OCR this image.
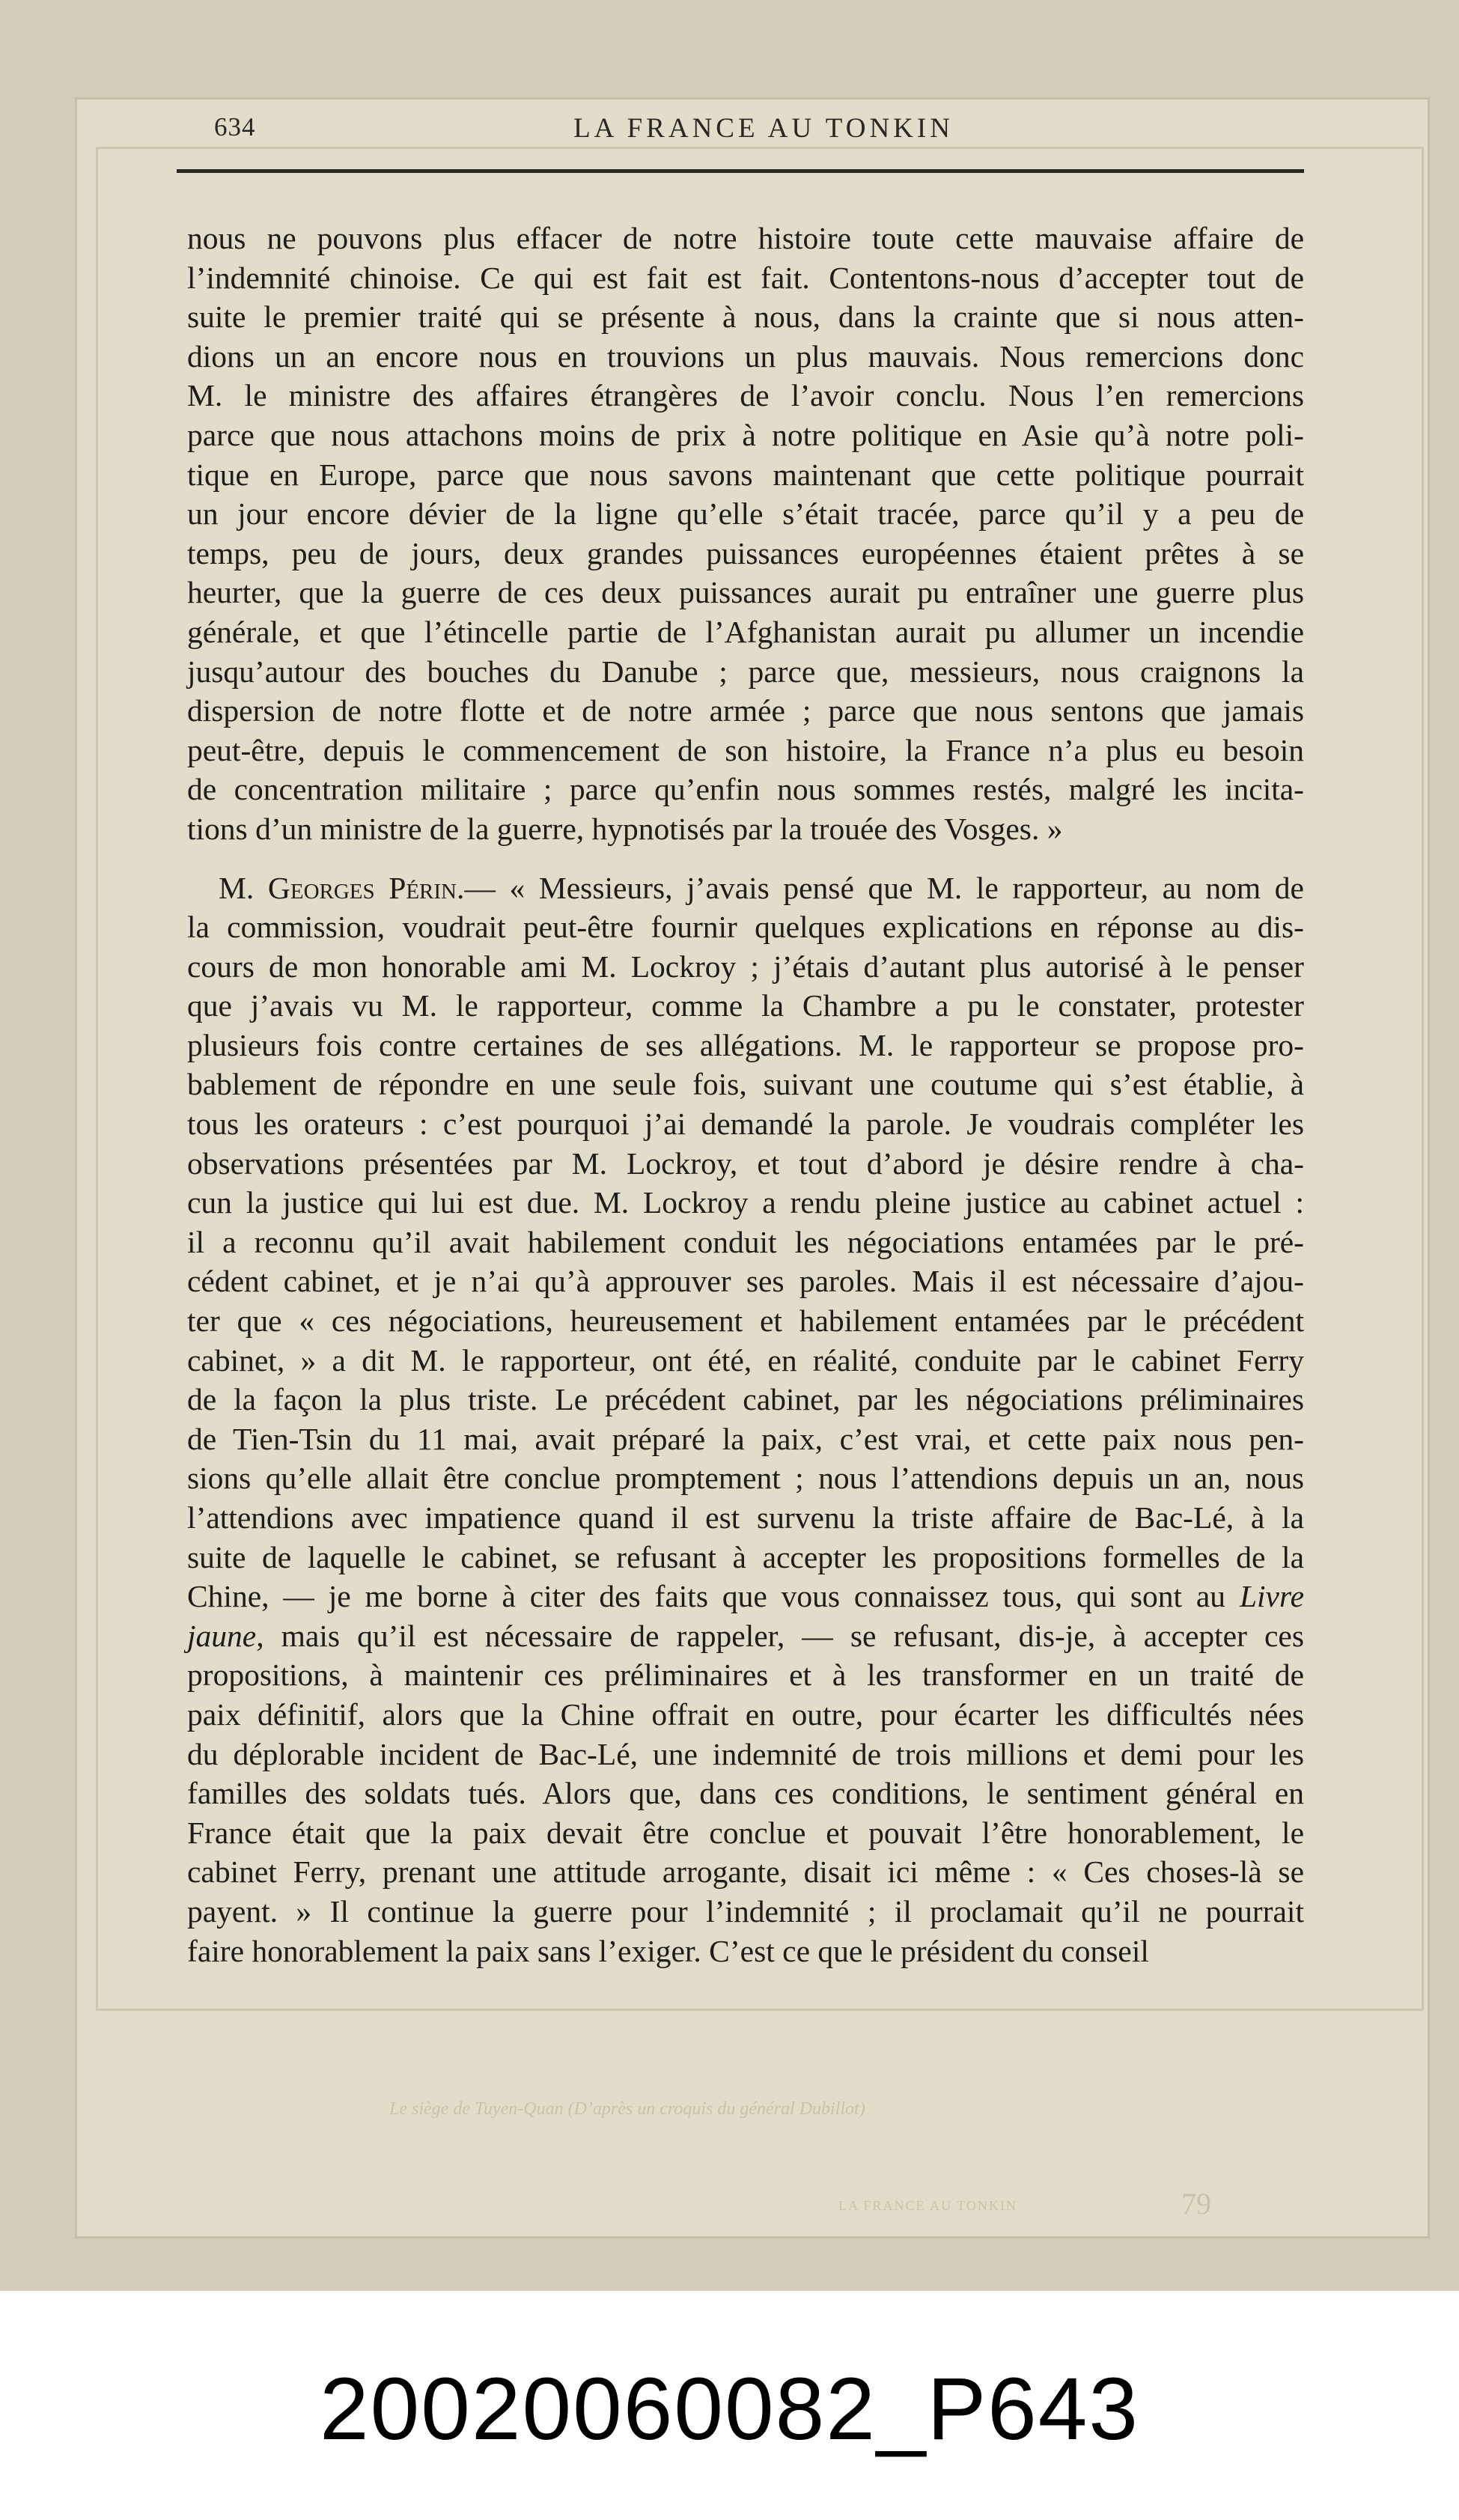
634	LA FRANCE AU TONKIN
nous ne pouvons plus effacer de notre histoire toute cette mauvaise affaire de
l’indemnité chinoise. Ce qui est fait est fait. Contentons-nous d’accepter tout de
suite le premier traité qui se présente à nous, dans la crainte que si nous atten-
dions un an encore nous en trouvions un plus mauvais. Nous remercions donc
M. le ministre des affaires étrangères de l’avoir conclu. Nous l’en remercions
parce que nous attachons moins de prix à notre politique en Asie qu’à notre poli-
tique en Europe, parce que nous savons maintenant que cette politique pourrait
un jour encore dévier de la ligne qu’elle s’était tracée, parce qu’il y a peu de
temps, peu de jours, deux grandes puissances européennes étaient prêtes à se
heurter, que la guerre de ces deux puissances aurait pu entraîner une guerre plus
générale, et que l’étincelle partie de l’Afghanistan aurait pu allumer un incendie
jusqu’autour des bouches du Danube ; parce que, messieurs, nous craignons la
dispersion de notre flotte et de notre armée ; parce que nous sentons que jamais
peut-être, depuis le commencement de son histoire, la France n’a plus eu besoin
de concentration militaire ; parce qu’enfin nous sommes restés, malgré les incita-
tions d’un ministre de la guerre, hypnotisés par la trouée des Vosges. »
M. Georges Périn.— « Messieurs, j’avais pensé que M. le rapporteur, au nom de
la commission, voudrait peut-être fournir quelques explications en réponse au dis-
cours de mon honorable ami M. Lockroy ; j’étais d’autant plus autorisé à le penser
que j’avais vu M. le rapporteur, comme la Chambre a pu le constater, protester
plusieurs fois contre certaines de ses allégations. M. le rapporteur se propose pro-
bablement de répondre en une seule fois, suivant une coutume qui s’est établie, à
tous les orateurs : c’est pourquoi j’ai demandé la parole. Je voudrais compléter les
observations présentées par M. Lockroy, et tout d’abord je désire rendre à cha-
cun la justice qui lui est due. M. Lockroy a rendu pleine justice au cabinet actuel :
il a reconnu qu’il avait habilement conduit les négociations entamées par le pré-
cédent cabinet, et je n’ai qu’à approuver ses paroles. Mais il est nécessaire d’ajou-
ter que « ces négociations, heureusement et habilement entamées par le précédent
cabinet, » a dit M. le rapporteur, ont été, en réalité, conduite par le cabinet Ferry
de la façon la plus triste. Le précédent cabinet, par les négociations préliminaires
de Tien-Tsin du 11 mai, avait préparé la paix, c’est vrai, et cette paix nous pen-
sions qu’elle allait être conclue promptement ; nous l’attendions depuis un an, nous
l’attendions avec impatience quand il est survenu la triste affaire de Bac-Lé, à la
suite de laquelle le cabinet, se refusant à accepter les propositions formelles de la
Chine, — je me borne à citer des faits que vous connaissez tous, qui sont au Livre
jaune, mais qu’il est nécessaire de rappeler, — se refusant, dis-je, à accepter ces
propositions, à maintenir ces préliminaires et à les transformer en un traité de
paix définitif, alors que la Chine offrait en outre, pour écarter les difficultés nées
du déplorable incident de Bac-Lé, une indemnité de trois millions et demi pour les
familles des soldats tués. Alors que, dans ces conditions, le sentiment général en
France était que la paix devait être conclue et pouvait l’être honorablement, le
cabinet Ferry, prenant une attitude arrogante, disait ici même : « Ces choses-là se
payent. » Il continue la guerre pour l’indemnité ; il proclamait qu’il ne pourrait
faire honorablement la paix sans l’exiger. C’est ce que le président du conseil
Le siège de Tuyen-Quan (D’après un croquis du général Dubillot)
LA FRANCE AU TONKIN	79
20020060082_P643
